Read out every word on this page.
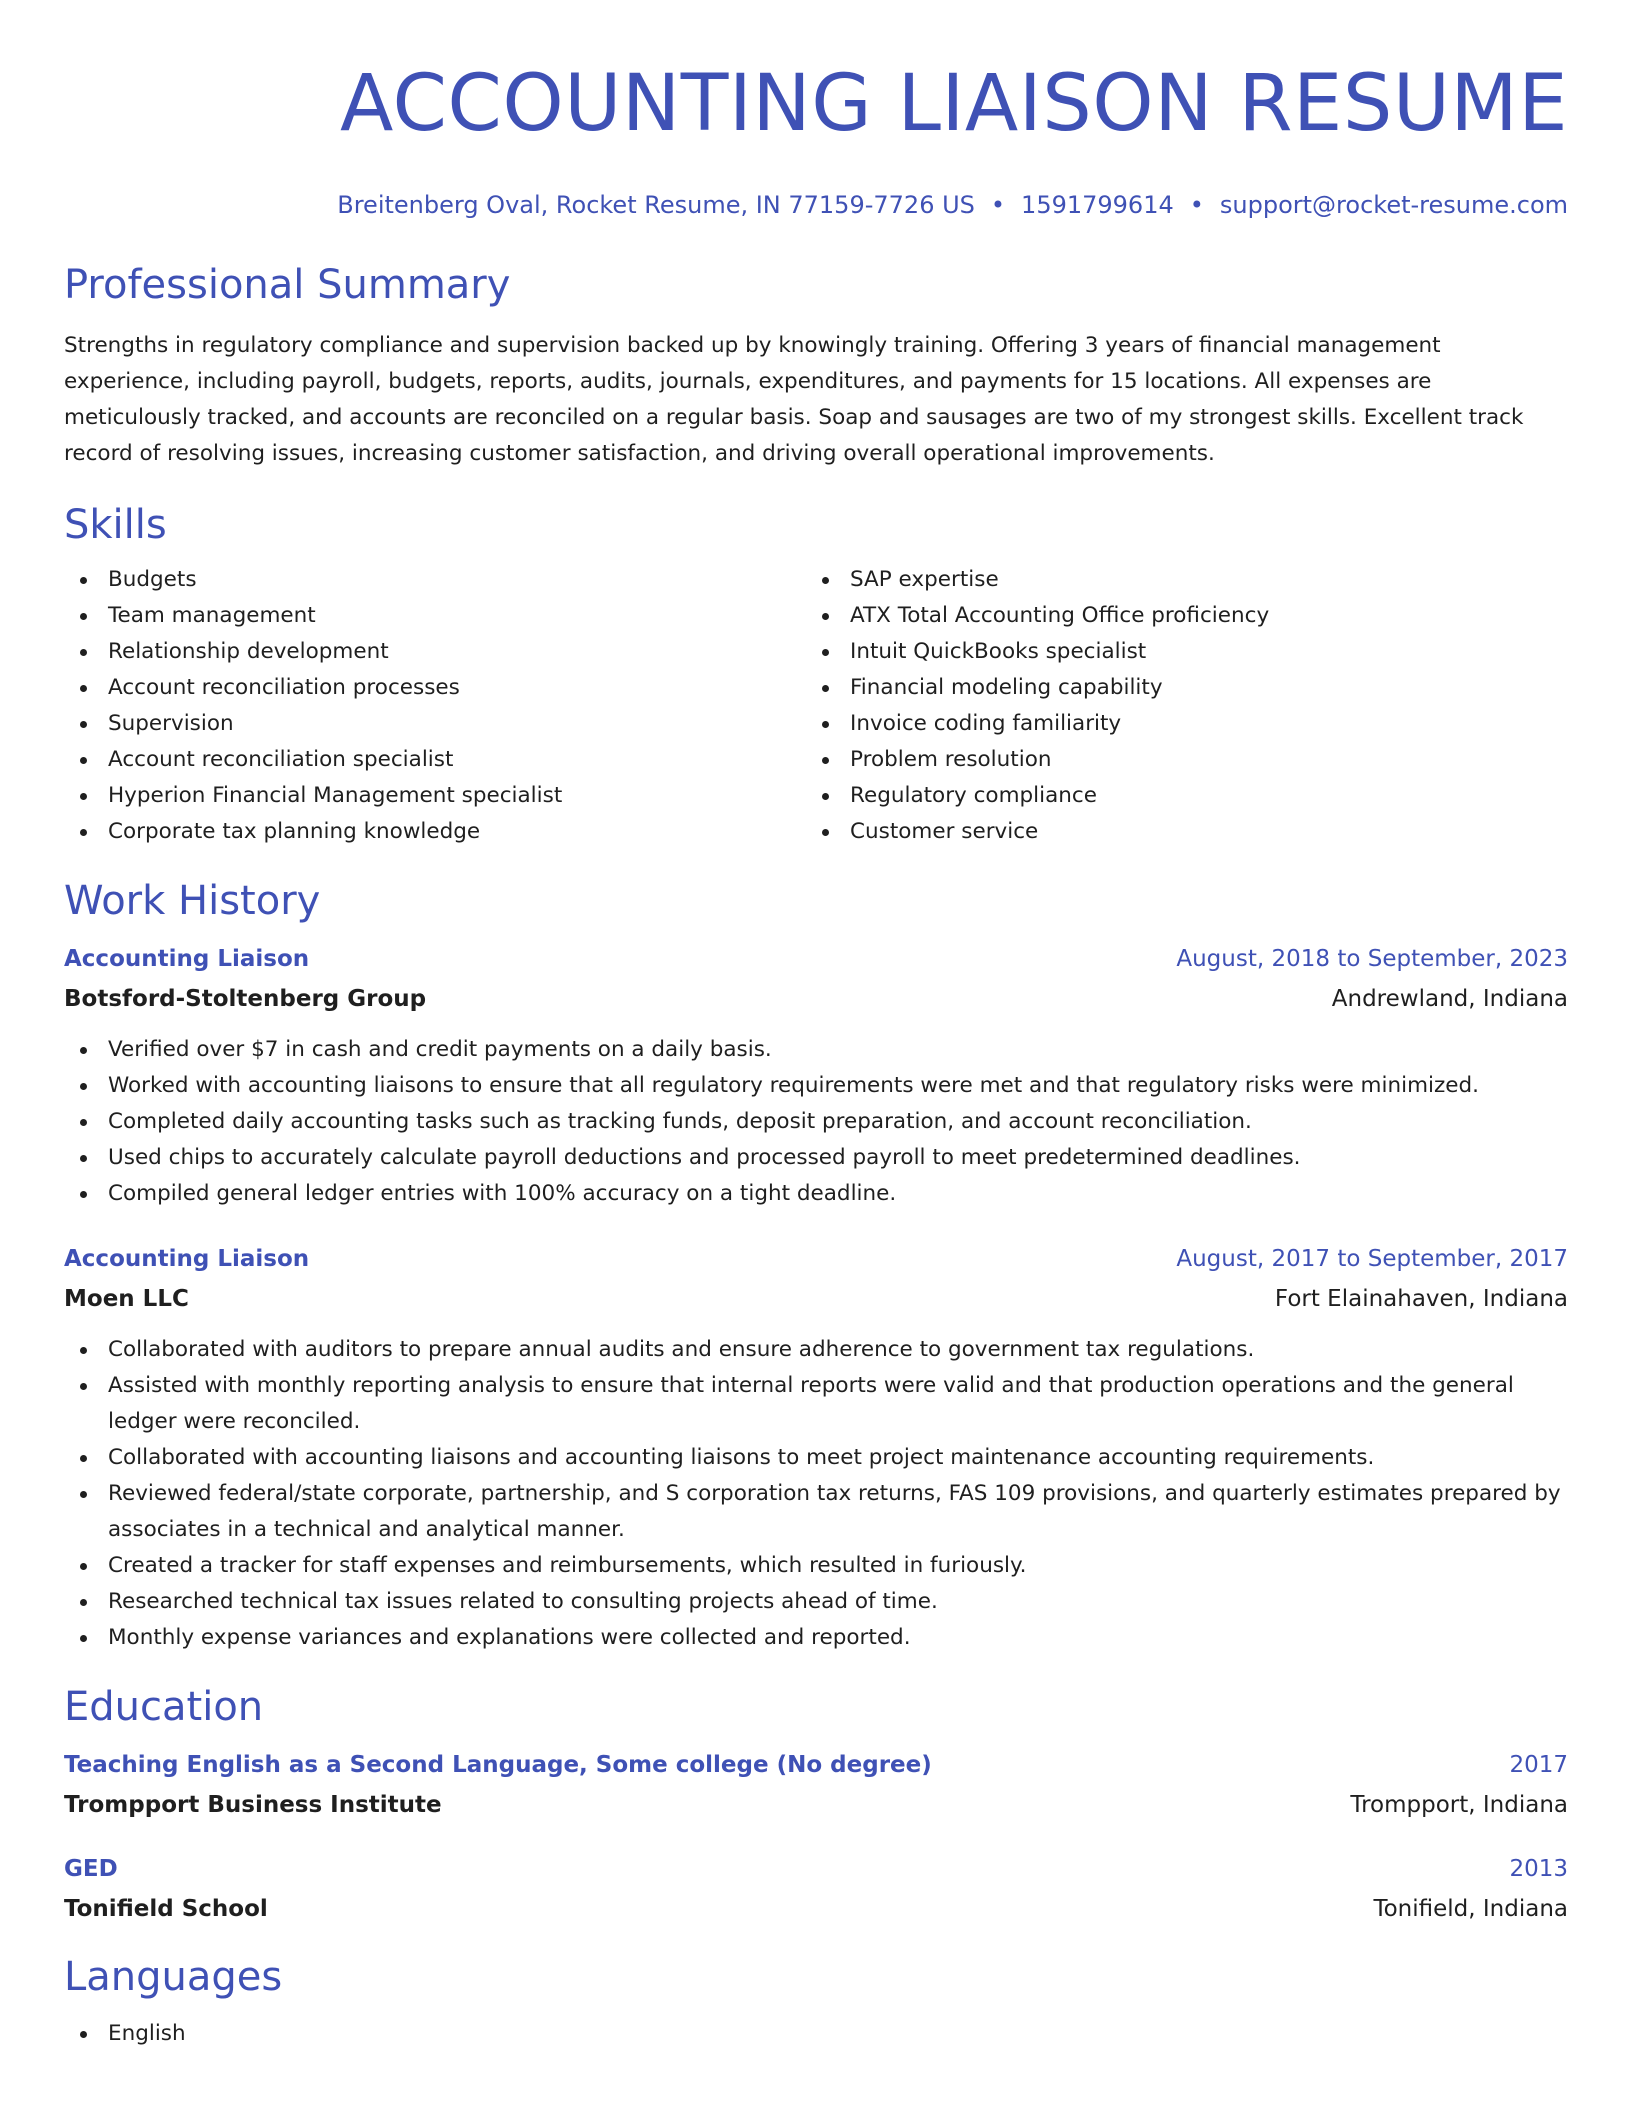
ACCOUNTING LIAISON RESUME
Breitenberg Oval, Rocket Resume, IN 77159-7726 US • 1591799614 • support@rocket-resume.com
Professional Summary

Strengths in regulatory compliance and supervision backed up by knowingly training. Offering 3 years of financial management experience, including payroll, budgets, reports, audits, journals, expenditures, and payments for 15 locations. All expenses are meticulously tracked, and accounts are reconciled on a regular basis. Soap and sausages are two of my strongest skills. Excellent track record of resolving issues, increasing customer satisfaction, and driving overall operational improvements.

Skills
Budgets
Team management
Relationship development
Account reconciliation processes
Supervision
Account reconciliation specialist
Hyperion Financial Management specialist
Corporate tax planning knowledge
SAP expertise
ATX Total Accounting Office proficiency
Intuit QuickBooks specialist
Financial modeling capability
Invoice coding familiarity
Problem resolution
Regulatory compliance
Customer service
Work History
Accounting Liaison	August, 2018 to September, 2023
Botsford-Stoltenberg Group	Andrewland, Indiana
Verified over $7 in cash and credit payments on a daily basis.
Worked with accounting liaisons to ensure that all regulatory requirements were met and that regulatory risks were minimized.
Completed daily accounting tasks such as tracking funds, deposit preparation, and account reconciliation.
Used chips to accurately calculate payroll deductions and processed payroll to meet predetermined deadlines.
Compiled general ledger entries with 100% accuracy on a tight deadline.
Accounting Liaison	August, 2017 to September, 2017
Moen LLC	Fort Elainahaven, Indiana
Collaborated with auditors to prepare annual audits and ensure adherence to government tax regulations.
Assisted with monthly reporting analysis to ensure that internal reports were valid and that production operations and the general ledger were reconciled.
Collaborated with accounting liaisons and accounting liaisons to meet project maintenance accounting requirements.
Reviewed federal/state corporate, partnership, and S corporation tax returns, FAS 109 provisions, and quarterly estimates prepared by associates in a technical and analytical manner.
Created a tracker for staff expenses and reimbursements, which resulted in furiously.
Researched technical tax issues related to consulting projects ahead of time.
Monthly expense variances and explanations were collected and reported.
Education
Teaching English as a Second Language, Some college (No degree)	2017
Trompport Business Institute	Trompport, Indiana
GED	2013
Tonifield School	Tonifield, Indiana
Languages
English
